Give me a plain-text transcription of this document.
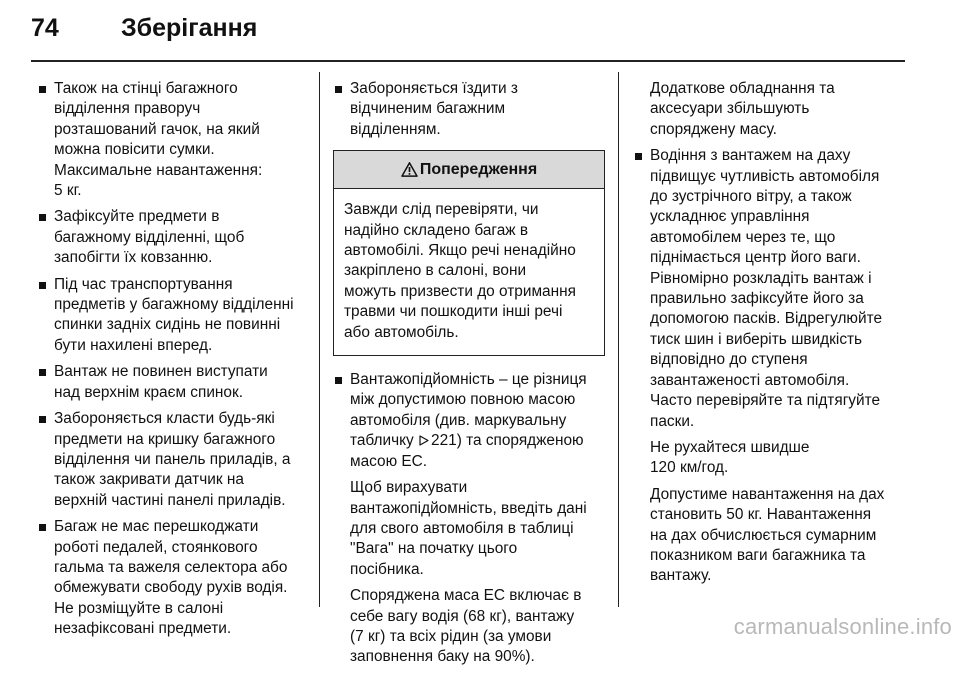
74	Зберігання
Також на стінці багажного
відділення праворуч
розташований гачок, на який
можна повісити сумки.
Максимальне навантаження:
5 кг.
Зафіксуйте предмети в
багажному відділенні, щоб
запобігти їх ковзанню.
Під час транспортування
предметів у багажному відділенні
спинки задніх сидінь не повинні
бути нахилені вперед.
Вантаж не повинен виступати
над верхнім краєм спинок.
Забороняється класти будь-які
предмети на кришку багажного
відділення чи панель приладів, а
також закривати датчик на
верхній частині панелі приладів.
Багаж не має перешкоджати
роботі педалей, стоянкового
гальма та важеля селектора або
обмежувати свободу рухів водія.
Не розміщуйте в салоні
незафіксовані предмети.
Забороняється їздити з
відчиненим багажним
відділенням.
Попередження
Завжди слід перевіряти, чи
надійно складено багаж в
автомобілі. Якщо речі ненадійно
закріплено в салоні, вони
можуть призвести до отримання
травми чи пошкодити інші речі
або автомобіль.
Вантажопідйомність – це різниця
між допустимою повною масою
автомобіля (див. маркувальну
табличку 221) та спорядженою
масою ЕС.
Щоб вирахувати
вантажопідйомність, введіть дані
для свого автомобіля в таблиці
"Вага" на початку цього
посібника.
Споряджена маса ЕС включає в
себе вагу водія (68 кг), вантажу
(7 кг) та всіх рідин (за умови
заповнення баку на 90%).
Додаткове обладнання та
аксесуари збільшують
споряджену масу.
Водіння з вантажем на даху
підвищує чутливість автомобіля
до зустрічного вітру, а також
ускладнює управління
автомобілем через те, що
піднімається центр його ваги.
Рівномірно розкладіть вантаж і
правильно зафіксуйте його за
допомогою пасків. Відрегулюйте
тиск шин і виберіть швидкість
відповідно до ступеня
завантаженості автомобіля.
Часто перевіряйте та підтягуйте
паски.
Не рухайтеся швидше
120 км/год.
Допустиме навантаження на дах
становить 50 кг. Навантаження
на дах обчислюється сумарним
показником ваги багажника та
вантажу.
carmanualsonline.info
